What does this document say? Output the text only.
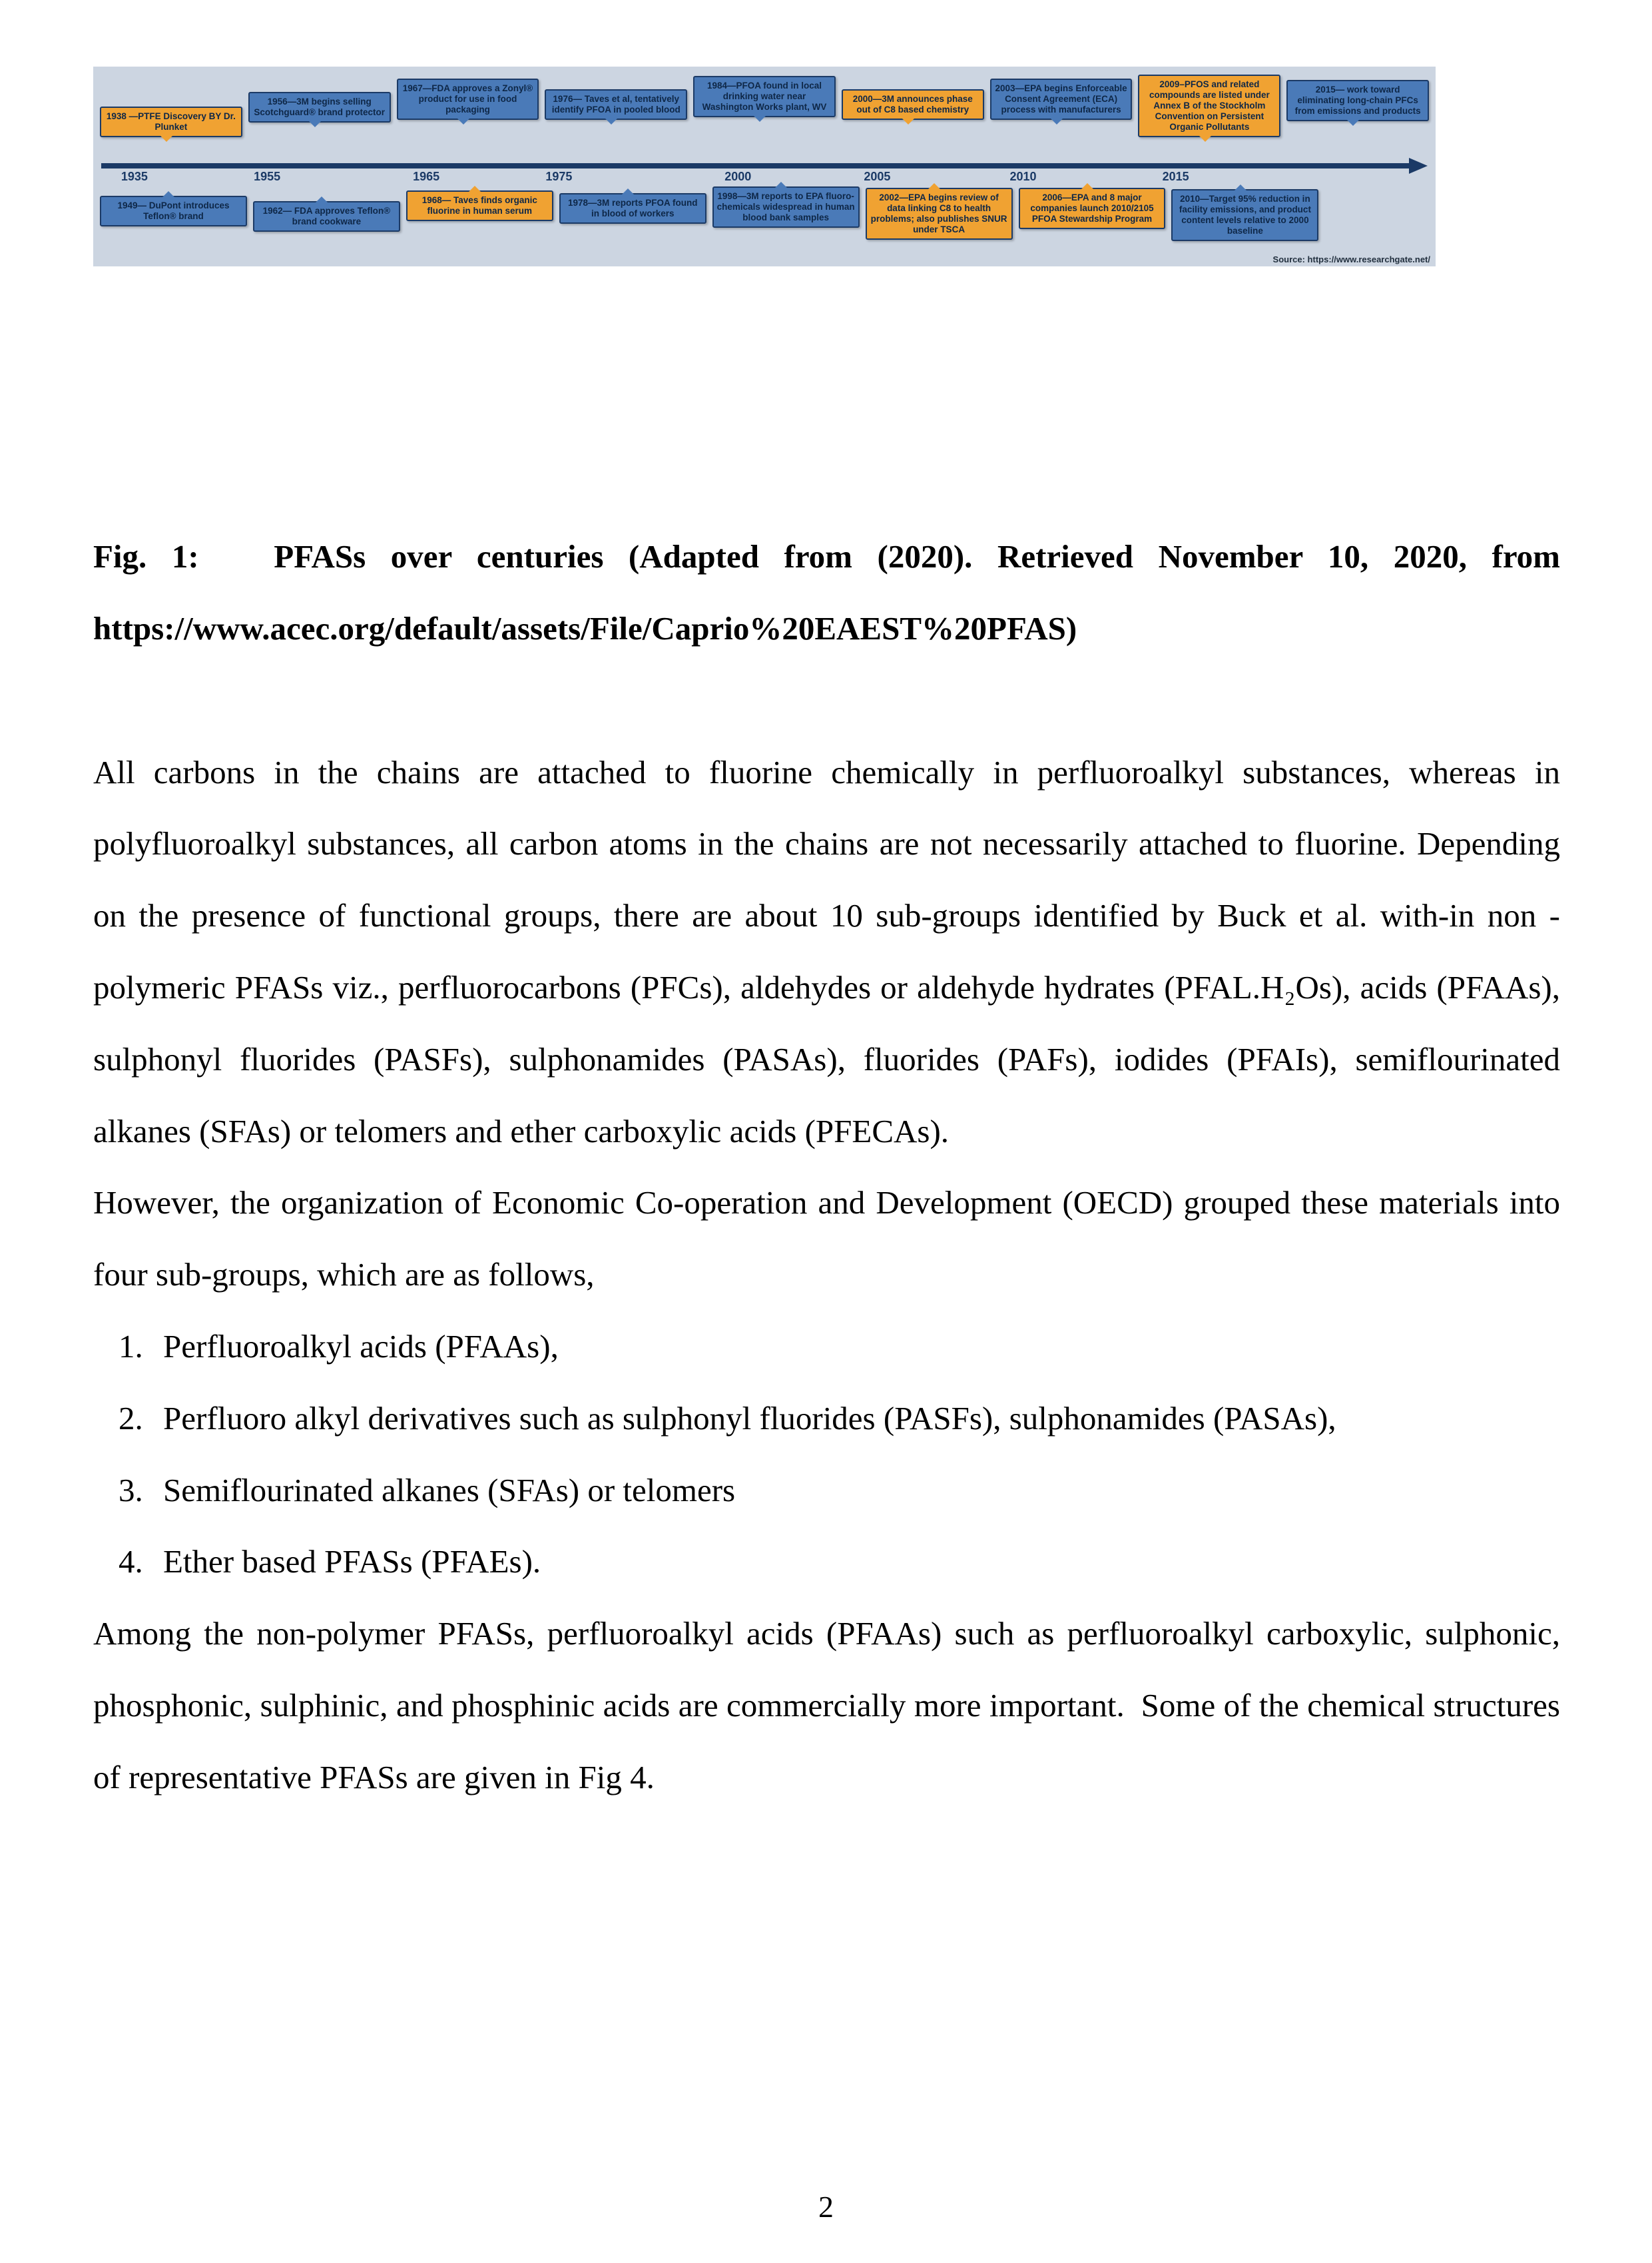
1938 —PTFE Discovery BY Dr. Plunket
1956—3M begins selling Scotchguard® brand protector
1967—FDA approves a Zonyl® product for use in food packaging
1976— Taves et al, tentatively identify PFOA in pooled blood
1984—PFOA found in local drinking water near Washington Works plant, WV
2000—3M announces phase out of C8 based chemistry
2003—EPA begins Enforceable Consent Agreement (ECA) process with manufacturers
2009–PFOS and related compounds are listed under Annex B of the Stockholm Convention on Persistent Organic Pollutants
2015— work toward eliminating long-chain PFCs from emissions and products
1935	1955	1965	1975	2000	2005	2010	2015
1949— DuPont introduces Teflon® brand
1962— FDA approves Teflon® brand cookware
1968— Taves finds organic fluorine in human serum
1978—3M reports PFOA found in blood of workers
1998—3M reports to EPA fluoro-chemicals widespread in human blood bank samples
2002—EPA begins review of data linking C8 to health problems; also publishes SNUR under TSCA
2006—EPA and 8 major companies launch 2010/2105 PFOA Stewardship Program
2010—Target 95% reduction in facility emissions, and product content levels relative to 2000 baseline
Source: https://www.researchgate.net/

Fig. 1:   PFASs over centuries (Adapted from (2020). Retrieved November 10, 2020, from https://www.acec.org/default/assets/File/Caprio%20EAEST%20PFAS)

All carbons in the chains are attached to fluorine chemically in perfluoroalkyl substances, whereas in polyfluoroalkyl substances, all carbon atoms in the chains are not necessarily attached to fluorine. Depending on the presence of functional groups, there are about 10 sub-groups identified by Buck et al. with-in non -polymeric PFASs viz., perfluorocarbons (PFCs), aldehydes or aldehyde hydrates (PFAL.H₂Os), acids (PFAAs), sulphonyl fluorides (PASFs), sulphonamides (PASAs), fluorides (PAFs), iodides (PFAIs), semiflourinated alkanes (SFAs) or telomers and ether carboxylic acids (PFECAs).

However, the organization of Economic Co-operation and Development (OECD) grouped these materials into four sub-groups, which are as follows,

1. Perfluoroalkyl acids (PFAAs),
2. Perfluoro alkyl derivatives such as sulphonyl fluorides (PASFs), sulphonamides (PASAs),
3. Semiflourinated alkanes (SFAs) or telomers
4. Ether based PFASs (PFAEs).

Among the non-polymer PFASs, perfluoroalkyl acids (PFAAs) such as perfluoroalkyl carboxylic, sulphonic, phosphonic, sulphinic, and phosphinic acids are commercially more important.  Some of the chemical structures of representative PFASs are given in Fig 4.

2
